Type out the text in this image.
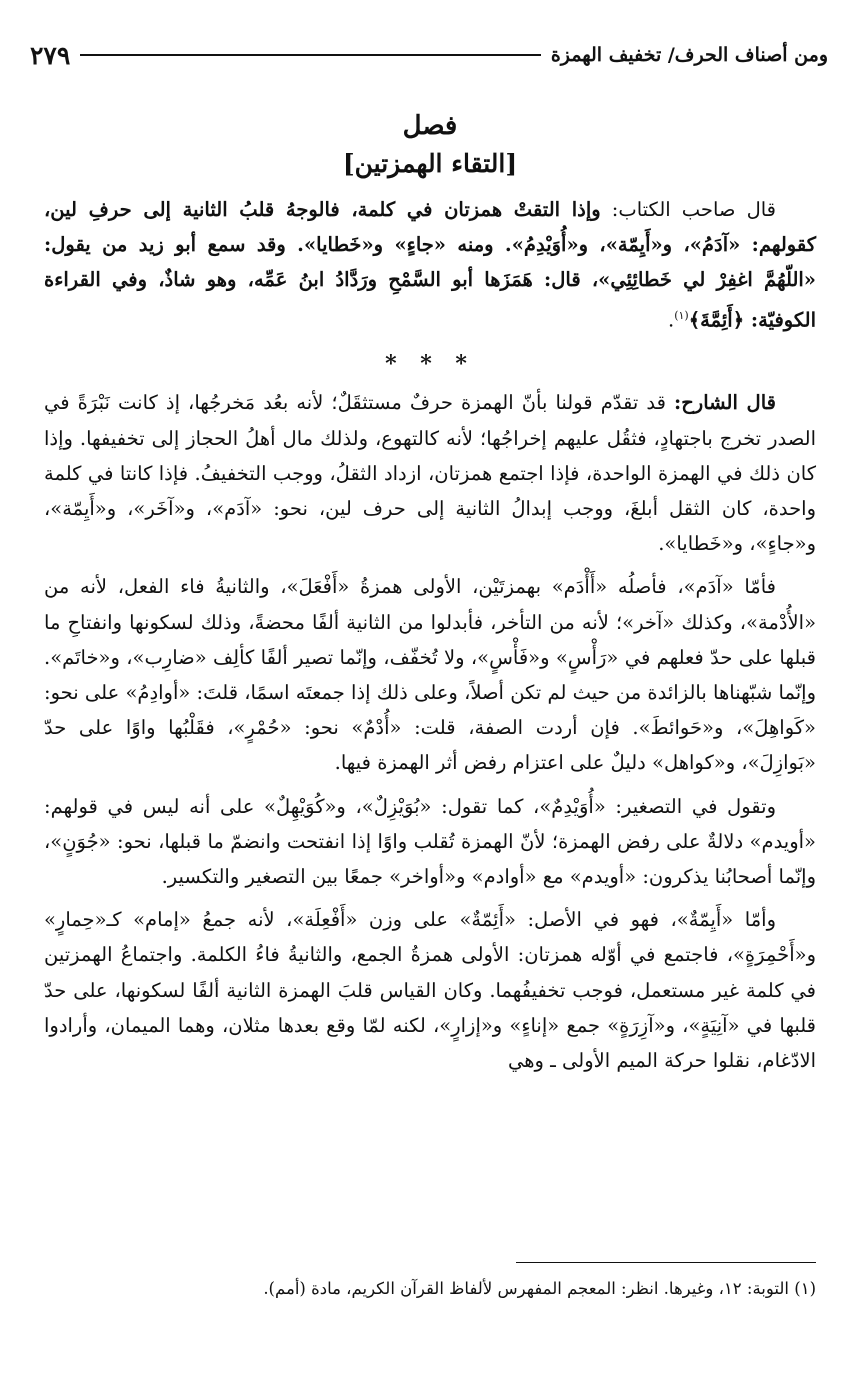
ومن أصناف الحرف/ تخفيف الهمزة
٢٧٩
فصل
[التقاء الهمزتين]

قال صاحب الكتاب: وإذا التقتْ همزتان في كلمة، فالوجهُ قلبُ الثانية إلى حرفِ لين، كقولهم: «آدَمُ»، و«أَيِمّة»، و«أُوَيْدِمُ». ومنه «جاءٍ» و«خَطايا». وقد سمع أبو زيد من يقول: «اللّهُمَّ اغفِرْ لي خَطائِئِي»، قال: هَمَزَها أبو السَّمْحِ ورَدَّادُ ابنُ عَمِّه، وهو شاذٌ، وفي القراءة الكوفيّة: ﴿أَئِمَّةَ﴾$^{(١)}$.

* * *

قال الشارح: قد تقدّم قولنا بأنّ الهمزة حرفٌ مستثقَلٌ؛ لأنه بعُد مَخرجُها، إذ كانت نَبْرَةً في الصدر تخرج باجتهادٍ، فثقُل عليهم إخراجُها؛ لأنه كالتهوع، ولذلك مال أهلُ الحجاز إلى تخفيفها. وإذا كان ذلك في الهمزة الواحدة، فإذا اجتمع همزتان، ازداد الثقلُ، ووجب التخفيفُ. فإذا كانتا في كلمة واحدة، كان الثقل أبلغَ، ووجب إبدالُ الثانية إلى حرف لين، نحو: «آدَم»، و«آخَر»، و«أَيِمّة»، و«جاءٍ»، و«خَطايا».

فأمّا «آدَم»، فأصلُه «أَأْدَم» بهمزتَيْن، الأولى همزةُ «أَفْعَلَ»، والثانيةُ فاء الفعل، لأنه من «الأُدْمة»، وكذلك «آخر»؛ لأنه من التأخر، فأبدلوا من الثانية ألفًا محضةً، وذلك لسكونها وانفتاحِ ما قبلها على حدّ فعلهم في «رَأْسٍ» و«فَأْسٍ»، ولا تُخفّف، وإنّما تصير ألفًا كألِف «ضارِب»، و«خاتَم». وإنّما شبّهناها بالزائدة من حيث لم تكن أصلاً، وعلى ذلك إذا جمعتَه اسمًا، قلتَ: «أوادِمُ» على نحو: «كَواهِلَ»، و«حَوائطَ». فإن أردت الصفة، قلت: «أُدْمٌ» نحو: «حُمْرٍ»، فقَلْبُها واوًا على حدّ «بَوازِلَ»، و«كواهل» دليلٌ على اعتزام رفض أثر الهمزة فيها.

وتقول في التصغير: «أُوَيْدِمٌ»، كما تقول: «بُوَيْزِلٌ»، و«كُوَيْهِلٌ» على أنه ليس في قولهم: «أويدم» دلالةٌ على رفض الهمزة؛ لأنّ الهمزة تُقلب واوًا إذا انفتحت وانضمّ ما قبلها، نحو: «جُوَنٍ»، وإنّما أصحابُنا يذكرون: «أويدم» مع «أوادم» و«أواخر» جمعًا بين التصغير والتكسير.

وأمّا «أَيِمّةٌ»، فهو في الأصل: «أَئِمّةٌ» على وزن «أَفْعِلَة»، لأنه جمعُ «إمام» كـ«حِمارٍ» و«أَحْمِرَةٍ»، فاجتمع في أوّله همزتان: الأولى همزةُ الجمع، والثانيةُ فاءُ الكلمة. واجتماعُ الهمزتين في كلمة غير مستعمل، فوجب تخفيفُهما. وكان القياس قلبَ الهمزة الثانية ألفًا لسكونها، على حدّ قلبها في «آنِيَةٍ»، و«آزِرَةٍ» جمع «إناءٍ» و«إزارٍ»، لكنه لمّا وقع بعدها مثلان، وهما الميمان، وأرادوا الادّغام، نقلوا حركة الميم الأولى ـ وهي

(١) التوبة: ١٢، وغيرها. انظر: المعجم المفهرس لألفاظ القرآن الكريم، مادة (أمم).
